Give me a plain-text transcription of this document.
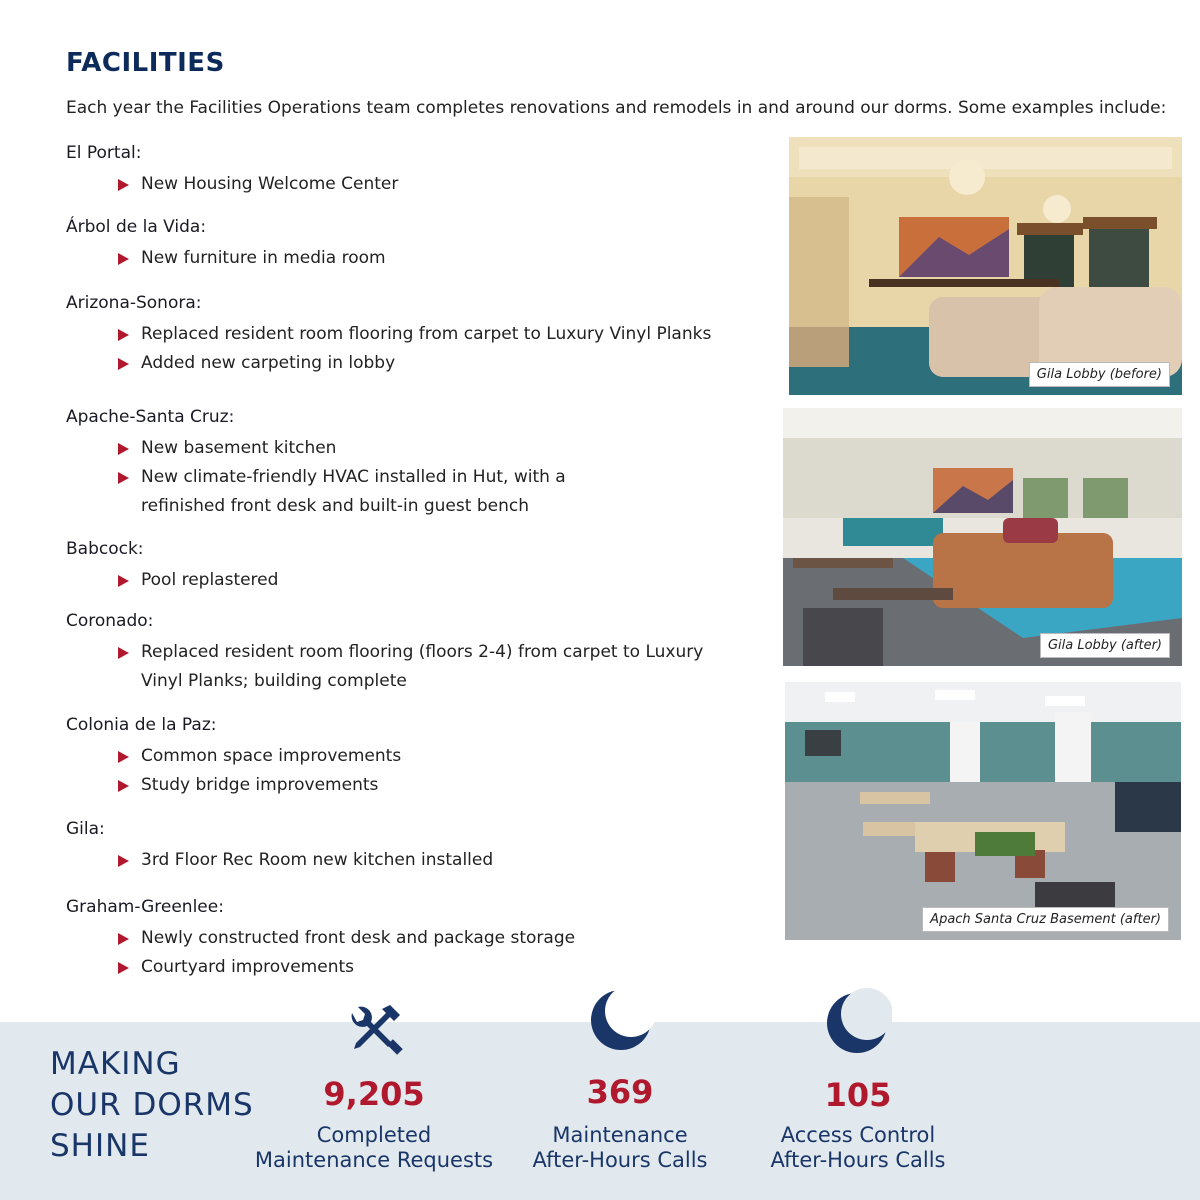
FACILITIES

Each year the Facilities Operations team completes renovations and remodels in and around our dorms. Some examples include:

El Portal:
New Housing Welcome Center
Árbol de la Vida:
New furniture in media room
Arizona-Sonora:
Replaced resident room flooring from carpet to Luxury Vinyl Planks
Added new carpeting in lobby
Apache-Santa Cruz:
New basement kitchen
New climate-friendly HVAC installed in Hut, with a
refinished front desk and built-in guest bench
Babcock:
Pool replastered
Coronado:
Replaced resident room flooring (floors 2-4) from carpet to Luxury
Vinyl Planks; building complete
Colonia de la Paz:
Common space improvements
Study bridge improvements
Gila:
3rd Floor Rec Room new kitchen installed
Graham-Greenlee:
Newly constructed front desk and package storage
Courtyard improvements
Gila Lobby (before)
Gila Lobby (after)
Apach Santa Cruz Basement (after)
MAKING
OUR DORMS
SHINE
9,205
Completed
Maintenance Requests
369
Maintenance
After-Hours Calls
105
Access Control
After-Hours Calls
